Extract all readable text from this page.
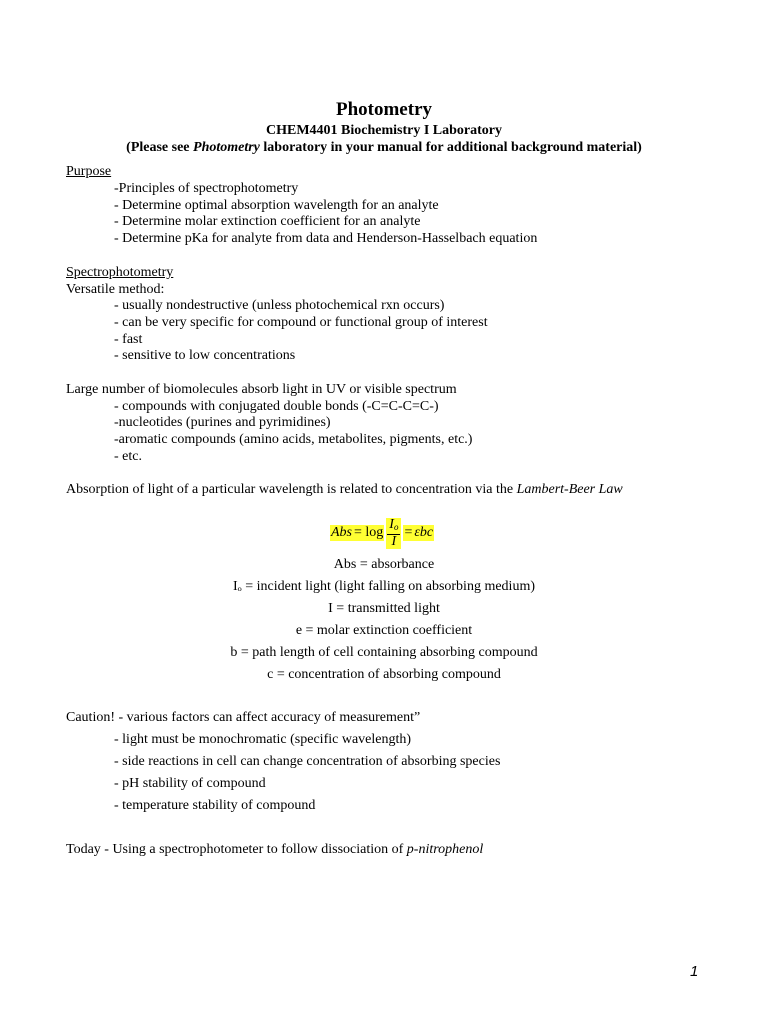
Photometry
CHEM4401 Biochemistry I Laboratory
(Please see Photometry laboratory in your manual for additional background material)
Purpose
-Principles of spectrophotometry
- Determine optimal absorption wavelength for an analyte
- Determine molar extinction coefficient for an analyte
- Determine pKa for analyte from data and Henderson-Hasselbach equation
Spectrophotometry
Versatile method:
- usually nondestructive (unless photochemical rxn occurs)
- can be very specific for compound or functional group of interest
- fast
- sensitive to low concentrations
Large number of biomolecules absorb light in UV or visible spectrum
- compounds with conjugated double bonds (-C=C-C=C-)
-nucleotides (purines and pyrimidines)
-aromatic compounds (amino acids, metabolites, pigments, etc.)
- etc.
Absorption of light of a particular wavelength is related to concentration via the Lambert-Beer Law
Abs = $\log \frac{I_o}{I} = \varepsilon bc$
Abs = absorbance
Iₒ = incident light (light falling on absorbing medium)
I = transmitted light
e = molar extinction coefficient
b = path length of cell containing absorbing compound
c = concentration of absorbing compound
Caution! - various factors can affect accuracy of measurement”
- light must be monochromatic (specific wavelength)
- side reactions in cell can change concentration of absorbing species
- pH stability of compound
- temperature stability of compound
Today - Using a spectrophotometer to follow dissociation of p-nitrophenol
1
